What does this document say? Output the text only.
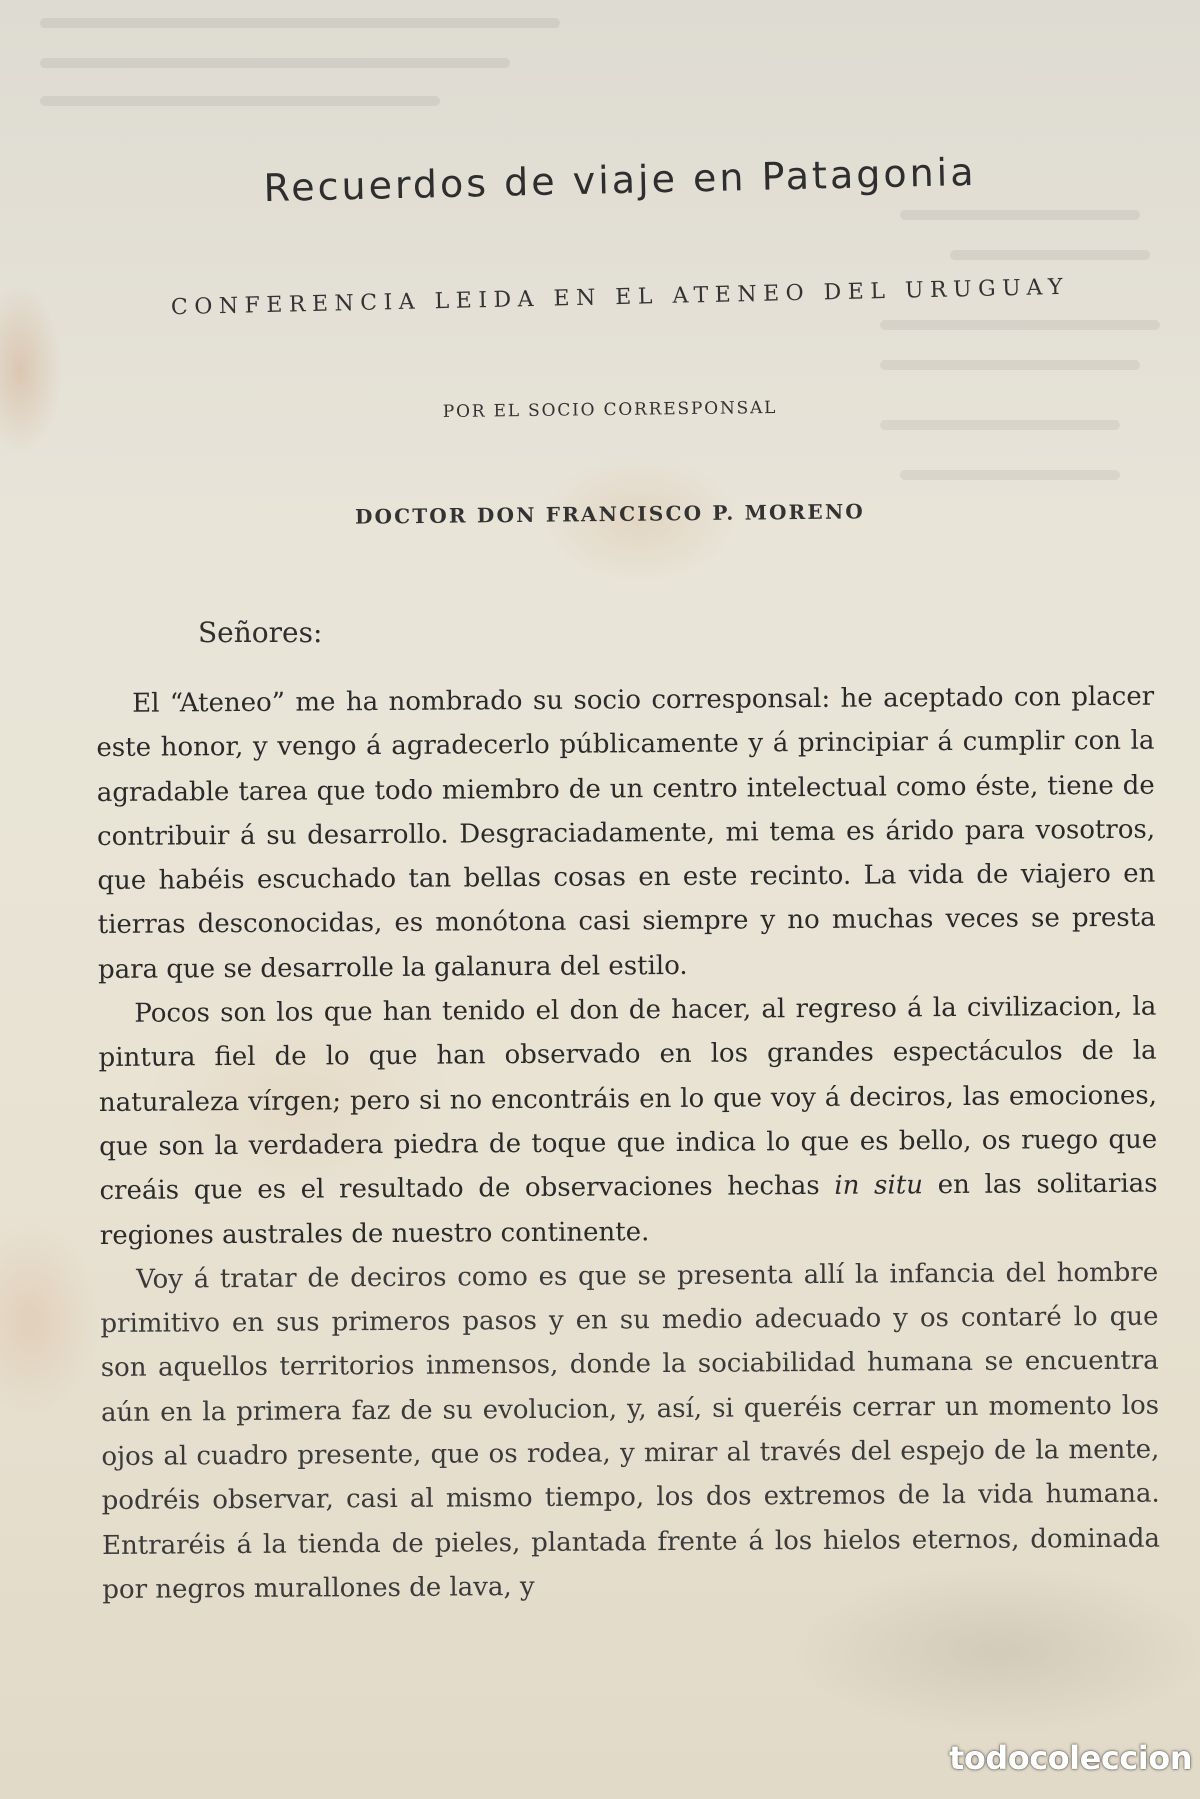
Recuerdos de viaje en Patagonia
CONFERENCIA LEIDA EN EL ATENEO DEL URUGUAY
POR EL SOCIO CORRESPONSAL
DOCTOR DON FRANCISCO P. MORENO
Señores:

El “Ateneo” me ha nombrado su socio corresponsal: he aceptado con placer este honor, y vengo á agradecerlo públicamente y á principiar á cumplir con la agradable tarea que todo miembro de un centro intelectual como éste, tiene de contribuir á su desarrollo. Desgraciadamente, mi tema es árido para vosotros, que habéis escuchado tan bellas cosas en este recinto. La vida de viajero en tierras desconocidas, es monótona casi siempre y no muchas veces se presta para que se desarrolle la galanura del estilo.

Pocos son los que han tenido el don de hacer, al regreso á la civilizacion, la pintura fiel de lo que han observado en los grandes espectáculos de la naturaleza vírgen; pero si no encontráis en lo que voy á deciros, las emociones, que son la verdadera piedra de toque que indica lo que es bello, os ruego que creáis que es el resultado de observaciones hechas in situ en las solitarias regiones australes de nuestro continente.

Voy á tratar de deciros como es que se presenta allí la infancia del hombre primitivo en sus primeros pasos y en su medio adecuado y os contaré lo que son aquellos territorios inmensos, donde la sociabilidad humana se encuentra aún en la primera faz de su evolucion, y, así, si queréis cerrar un momento los ojos al cuadro presente, que os rodea, y mirar al través del espejo de la mente, podréis observar, casi al mismo tiempo, los dos extremos de la vida humana. Entraréis á la tienda de pieles, plantada frente á los hielos eternos, dominada por negros murallones de lava, y

todocoleccion
